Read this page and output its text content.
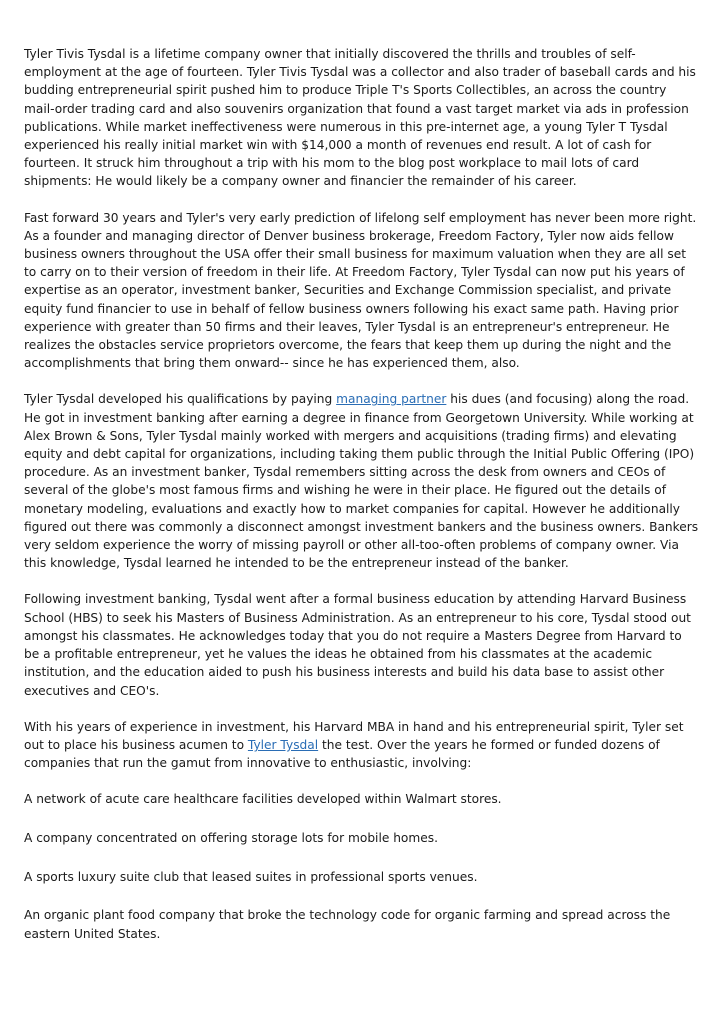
Tyler Tivis Tysdal is a lifetime company owner that initially discovered the thrills and troubles of self-employment at the age of fourteen. Tyler Tivis Tysdal was a collector and also trader of baseball cards and his budding entrepreneurial spirit pushed him to produce Triple T's Sports Collectibles, an across the country mail-order trading card and also souvenirs organization that found a vast target market via ads in profession publications. While market ineffectiveness were numerous in this pre-internet age, a young Tyler T Tysdal experienced his really initial market win with $14,000 a month of revenues end result. A lot of cash for fourteen. It struck him throughout a trip with his mom to the blog post workplace to mail lots of card shipments: He would likely be a company owner and financier the remainder of his career.

Fast forward 30 years and Tyler's very early prediction of lifelong self employment has never been more right. As a founder and managing director of Denver business brokerage, Freedom Factory, Tyler now aids fellow business owners throughout the USA offer their small business for maximum valuation when they are all set to carry on to their version of freedom in their life. At Freedom Factory, Tyler Tysdal can now put his years of expertise as an operator, investment banker, Securities and Exchange Commission specialist, and private equity fund financier to use in behalf of fellow business owners following his exact same path. Having prior experience with greater than 50 firms and their leaves, Tyler Tysdal is an entrepreneur's entrepreneur. He realizes the obstacles service proprietors overcome, the fears that keep them up during the night and the accomplishments that bring them onward-- since he has experienced them, also.

Tyler Tysdal developed his qualifications by paying managing partner his dues (and focusing) along the road. He got in investment banking after earning a degree in finance from Georgetown University. While working at Alex Brown & Sons, Tyler Tysdal mainly worked with mergers and acquisitions (trading firms) and elevating equity and debt capital for organizations, including taking them public through the Initial Public Offering (IPO) procedure. As an investment banker, Tysdal remembers sitting across the desk from owners and CEOs of several of the globe's most famous firms and wishing he were in their place. He figured out the details of monetary modeling, evaluations and exactly how to market companies for capital. However he additionally figured out there was commonly a disconnect amongst investment bankers and the business owners. Bankers very seldom experience the worry of missing payroll or other all-too-often problems of company owner. Via this knowledge, Tysdal learned he intended to be the entrepreneur instead of the banker.

Following investment banking, Tysdal went after a formal business education by attending Harvard Business School (HBS) to seek his Masters of Business Administration. As an entrepreneur to his core, Tysdal stood out amongst his classmates. He acknowledges today that you do not require a Masters Degree from Harvard to be a profitable entrepreneur, yet he values the ideas he obtained from his classmates at the academic institution, and the education aided to push his business interests and build his data base to assist other executives and CEO's.

With his years of experience in investment, his Harvard MBA in hand and his entrepreneurial spirit, Tyler set out to place his business acumen to Tyler Tysdal the test. Over the years he formed or funded dozens of companies that run the gamut from innovative to enthusiastic, involving:

A network of acute care healthcare facilities developed within Walmart stores.

A company concentrated on offering storage lots for mobile homes.

A sports luxury suite club that leased suites in professional sports venues.

An organic plant food company that broke the technology code for organic farming and spread across the eastern United States.
